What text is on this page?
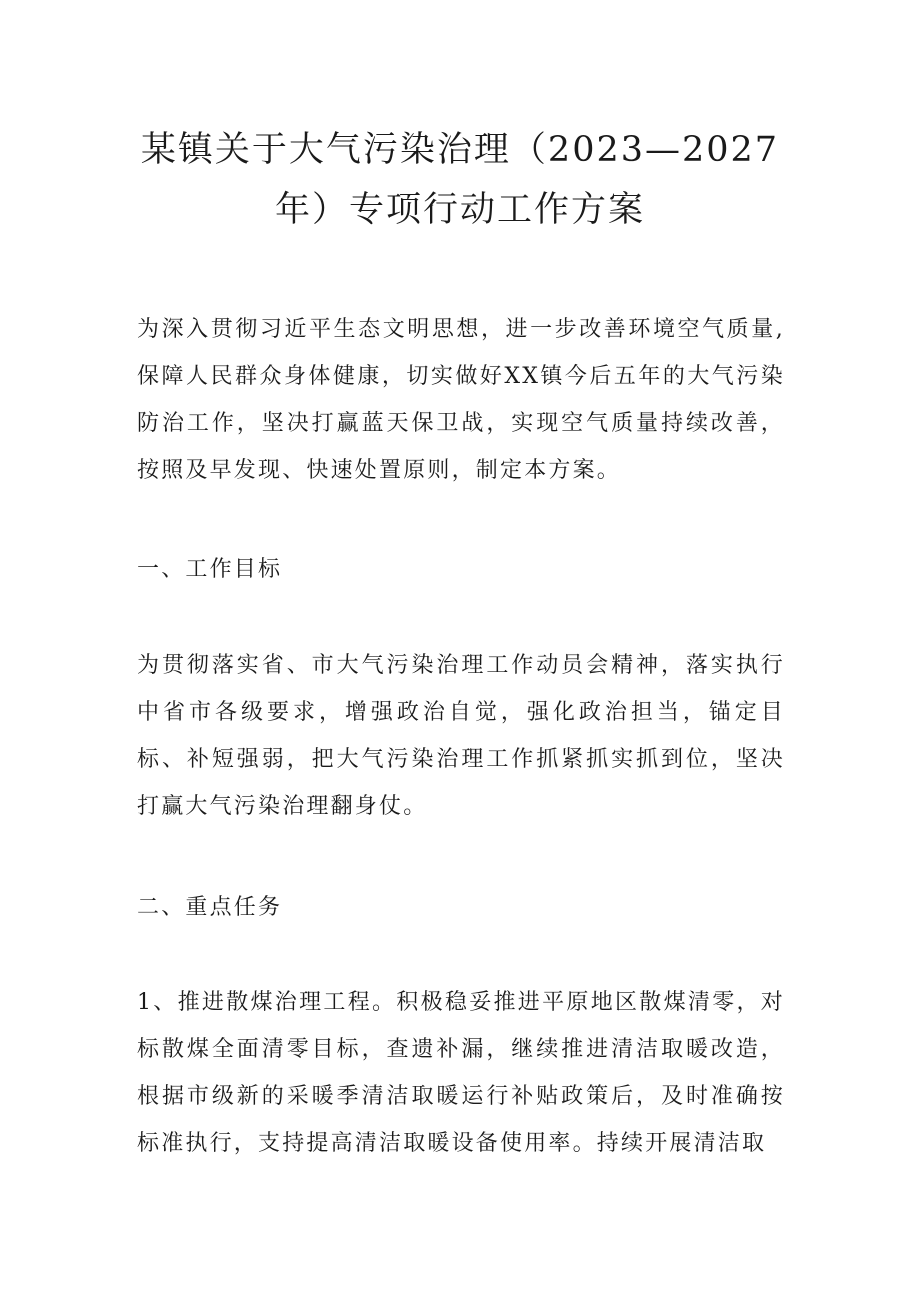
某镇关于大气污染治理（2023—2027年）专项行动工作方案
为深入贯彻习近平生态文明思想，进一步改善环境空气质量,保障人民群众身体健康，切实做好XX镇今后五年的大气污染防治工作，坚决打赢蓝天保卫战，实现空气质量持续改善，按照及早发现、快速处置原则，制定本方案。
一、工作目标
为贯彻落实省、市大气污染治理工作动员会精神，落实执行中省市各级要求，增强政治自觉，强化政治担当，锚定目标、补短强弱，把大气污染治理工作抓紧抓实抓到位，坚决打赢大气污染治理翻身仗。
二、重点任务
1、推进散煤治理工程。积极稳妥推进平原地区散煤清零，对标散煤全面清零目标，查遗补漏，继续推进清洁取暖改造，根据市级新的采暖季清洁取暖运行补贴政策后，及时准确按标准执行，支持提高清洁取暖设备使用率。持续开展清洁取
